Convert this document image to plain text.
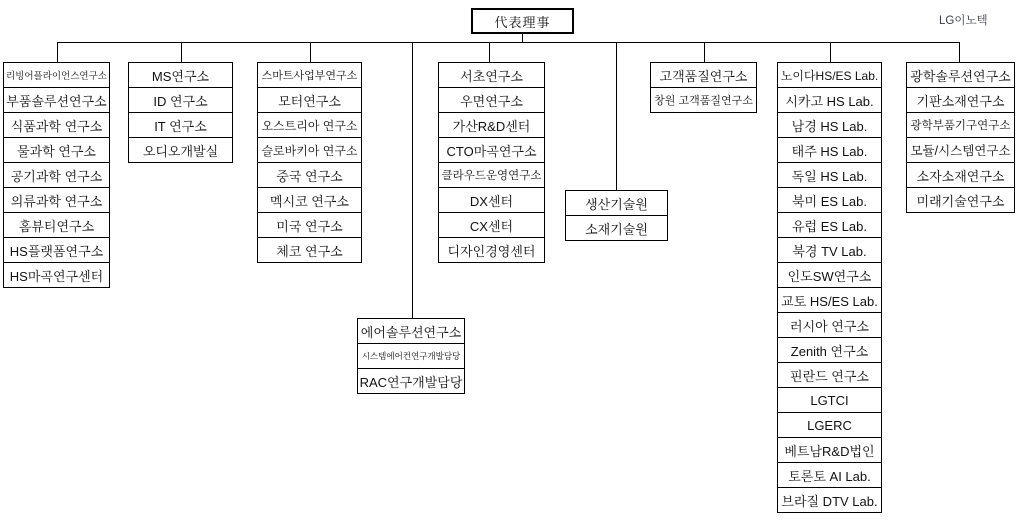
代表理事	LG이노텍
리빙어플라이언스연구소
부품솔루션연구소
식품과학 연구소
물과학 연구소
공기과학 연구소
의류과학 연구소
홈뷰티연구소
HS플랫폼연구소
HS마곡연구센터
MS연구소
ID 연구소
IT 연구소
오디오개발실
스마트사업부연구소
모터연구소
오스트리아 연구소
슬로바키아 연구소
중국 연구소
멕시코 연구소
미국 연구소
체코 연구소
에어솔루션연구소
시스템에어컨연구개발담당
RAC연구개발담당
서초연구소
우면연구소
가산R&D센터
CTO마곡연구소
클라우드운영연구소
DX센터
CX센터
디자인경영센터
생산기술원
소재기술원
고객품질연구소
창원 고객품질연구소
노이다HS/ES Lab.
시카고 HS Lab.
남경 HS Lab.
태주 HS Lab.
독일 HS Lab.
북미 ES Lab.
유럽 ES Lab.
북경 TV Lab.
인도SW연구소
교토 HS/ES Lab.
러시아 연구소
Zenith 연구소
핀란드 연구소
LGTCI
LGERC
베트남R&D법인
토론토 AI Lab.
브라질 DTV Lab.
광학솔루션연구소
기판소재연구소
광학부품기구연구소
모듈/시스템연구소
소자소재연구소
미래기술연구소
